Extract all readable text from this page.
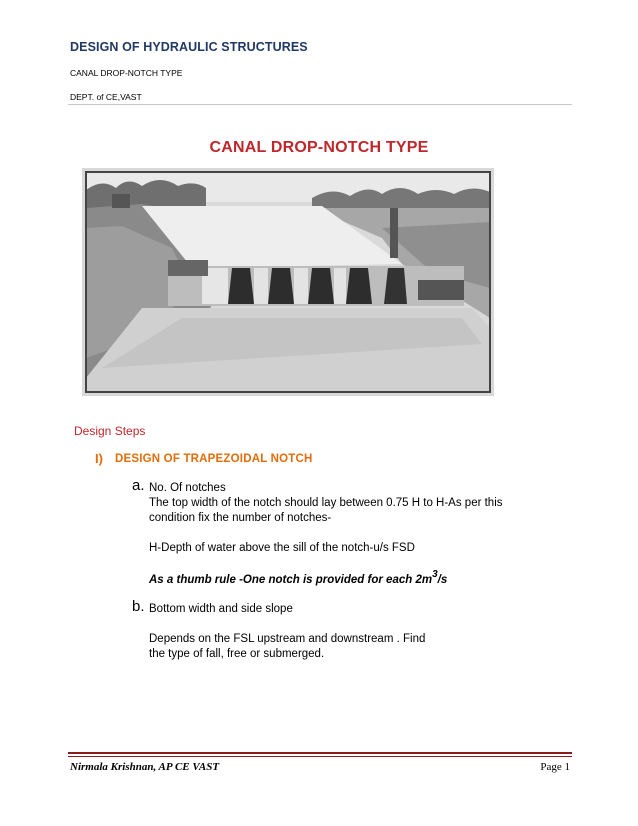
DESIGN OF HYDRAULIC STRUCTURES
CANAL DROP-NOTCH TYPE
DEPT. of CE,VAST
CANAL DROP-NOTCH TYPE
Design Steps
I) DESIGN OF TRAPEZOIDAL NOTCH
a. No. Of notches
The top width of the notch should lay between 0.75 H to H-As per this
condition fix the number of notches-
H-Depth of water above the sill of the notch-u/s FSD
As a thumb rule -One notch is provided for each $2m^3/s$
b. Bottom width and side slope
Depends on the FSL upstream and downstream . Find
the type of fall, free or submerged.
Nirmala Krishnan, AP CE VAST	Page 1
